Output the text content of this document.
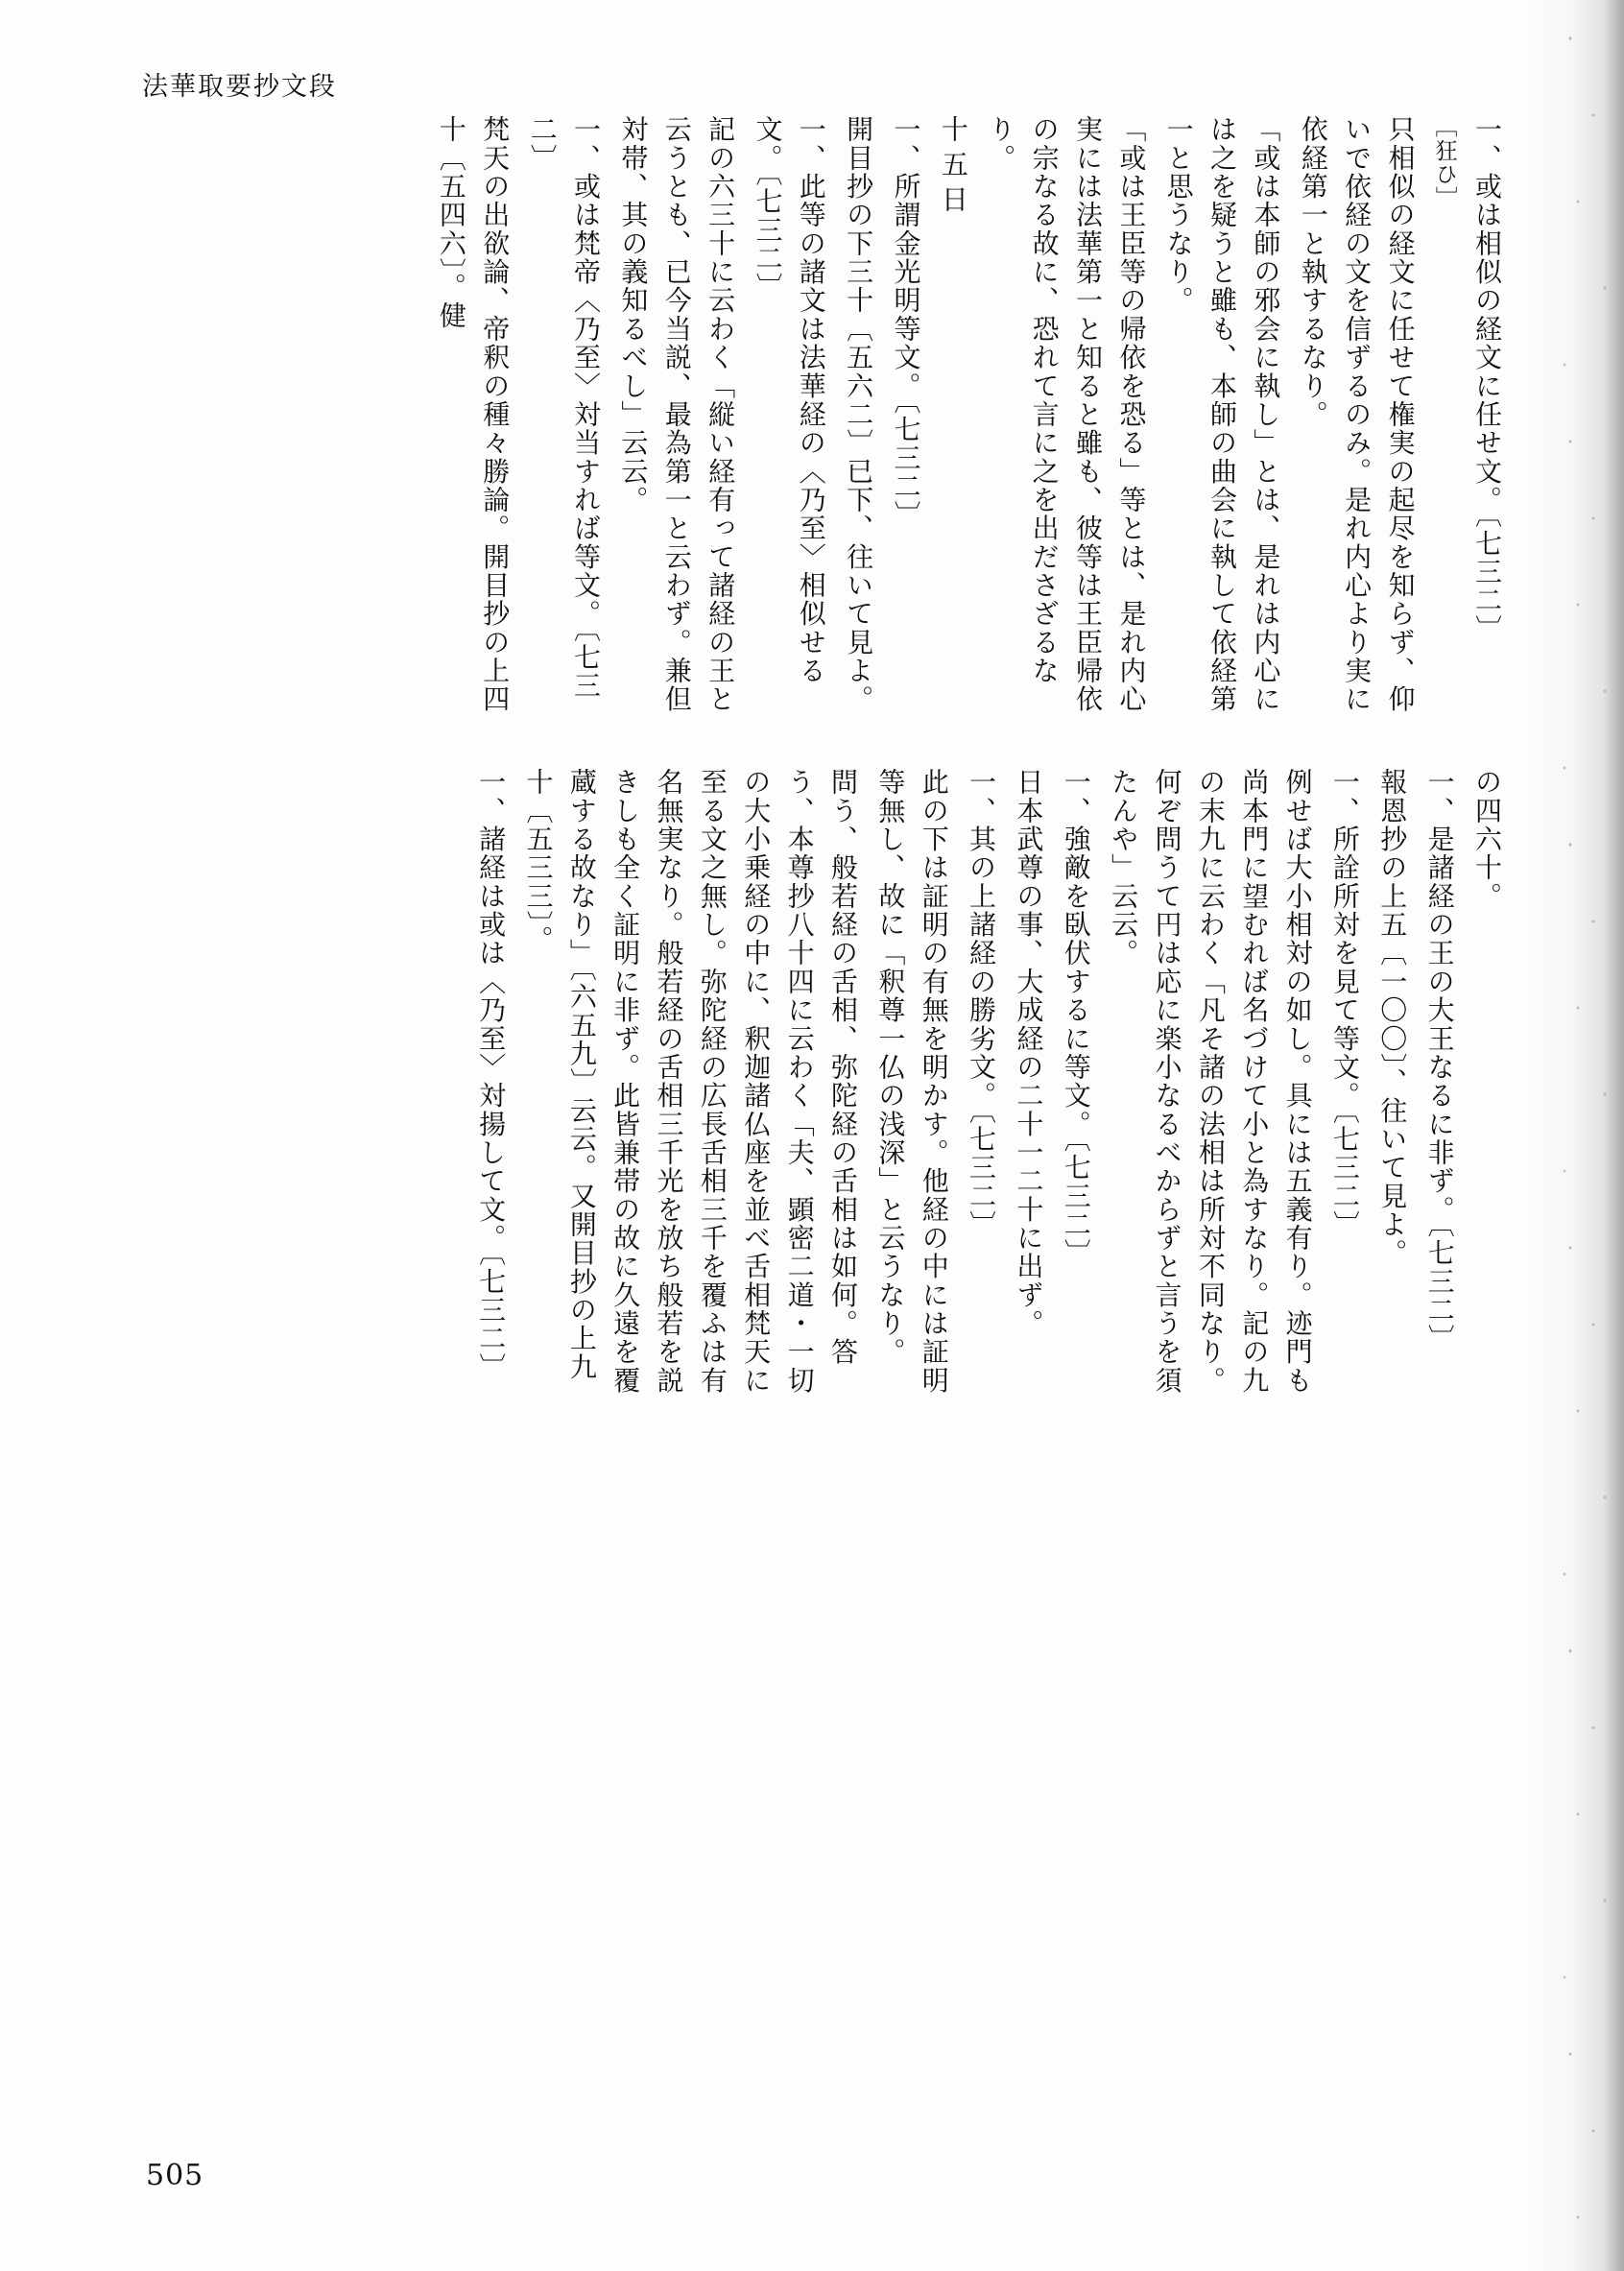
法華取要抄文段

一、或は相似の経文に任せ文。〔七三二〕

［狂ひ］

只相似の経文に任せて権実の起尽を知らず、仰いで依経の文を信ずるのみ。是れ内心より実に依経第一と執するなり。

「或は本師の邪会に執し」とは、是れは内心には之を疑うと雖も、本師の曲会に執して依経第一と思うなり。

「或は王臣等の帰依を恐る」等とは、是れ内心実には法華第一と知ると雖も、彼等は王臣帰依の宗なる故に、恐れて言に之を出ださざるなり。

十五日

一、所謂金光明等文。〔七三二〕

開目抄の下三十〔五六二〕已下、往いて見よ。

一、此等の諸文は法華経の〈乃至〉相似せる文。〔七三二〕

記の六三十に云わく「縦い経有って諸経の王と云うとも、已今当説、最為第一と云わず。兼但対帯、其の義知るべし」云云。

一、或は梵帝〈乃至〉対当すれば等文。〔七三二〕

梵天の出欲論、帝釈の種々勝論。開目抄の上四十〔五四六〕。健

の四六十。

一、是諸経の王の大王なるに非ず。〔七三二〕

報恩抄の上五〔一〇〇〕、往いて見よ。

一、所詮所対を見て等文。〔七三二〕

例せば大小相対の如し。具には五義有り。迹門も尚本門に望むれば名づけて小と為すなり。記の九の末九に云わく「凡そ諸の法相は所対不同なり。何ぞ問うて円は応に楽小なるべからずと言うを須たんや」云云。

一、強敵を臥伏するに等文。〔七三二〕

日本武尊の事、大成経の二十一二十に出ず。

一、其の上諸経の勝劣文。〔七三二〕

此の下は証明の有無を明かす。他経の中には証明等無し、故に「釈尊一仏の浅深」と云うなり。

問う、般若経の舌相、弥陀経の舌相は如何。答う、本尊抄八十四に云わく「夫、顕密二道・一切の大小乗経の中に、釈迦諸仏座を並べ舌相梵天に至る文之無し。弥陀経の広長舌相三千を覆ふは有名無実なり。般若経の舌相三千光を放ち般若を説きしも全く証明に非ず。此皆兼帯の故に久遠を覆蔵する故なり」〔六五九〕云云。又開目抄の上九十〔五三三〕。

一、諸経は或は〈乃至〉対揚して文。〔七三二〕

505
